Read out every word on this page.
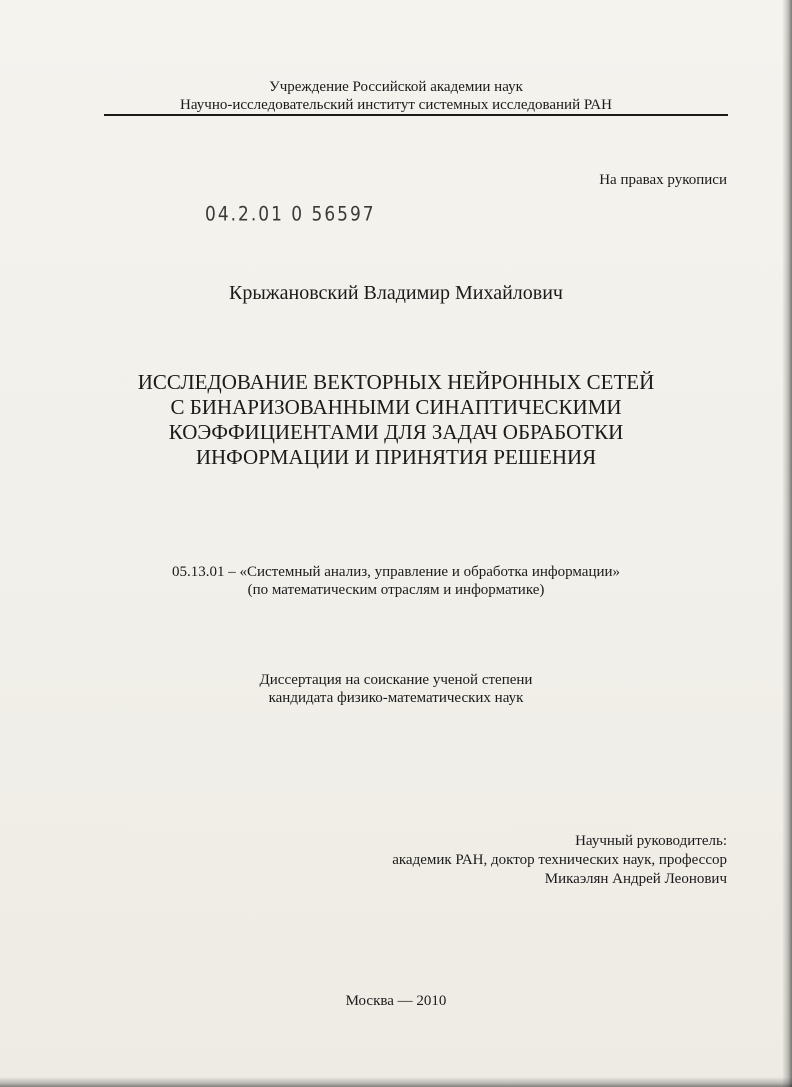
Учреждение Российской академии наук
Научно-исследовательский институт системных исследований РАН
На правах рукописи
04.2.01 0 56597
Крыжановский Владимир Михайлович
ИССЛЕДОВАНИЕ ВЕКТОРНЫХ НЕЙРОННЫХ СЕТЕЙ
С БИНАРИЗОВАННЫМИ СИНАПТИЧЕСКИМИ
КОЭФФИЦИЕНТАМИ ДЛЯ ЗАДАЧ ОБРАБОТКИ
ИНФОРМАЦИИ И ПРИНЯТИЯ РЕШЕНИЯ
05.13.01 – «Системный анализ, управление и обработка информации»
(по математическим отраслям и информатике)
Диссертация на соискание ученой степени
кандидата физико-математических наук
Научный руководитель:
академик РАН, доктор технических наук, профессор
Микаэлян Андрей Леонович
Москва — 2010
